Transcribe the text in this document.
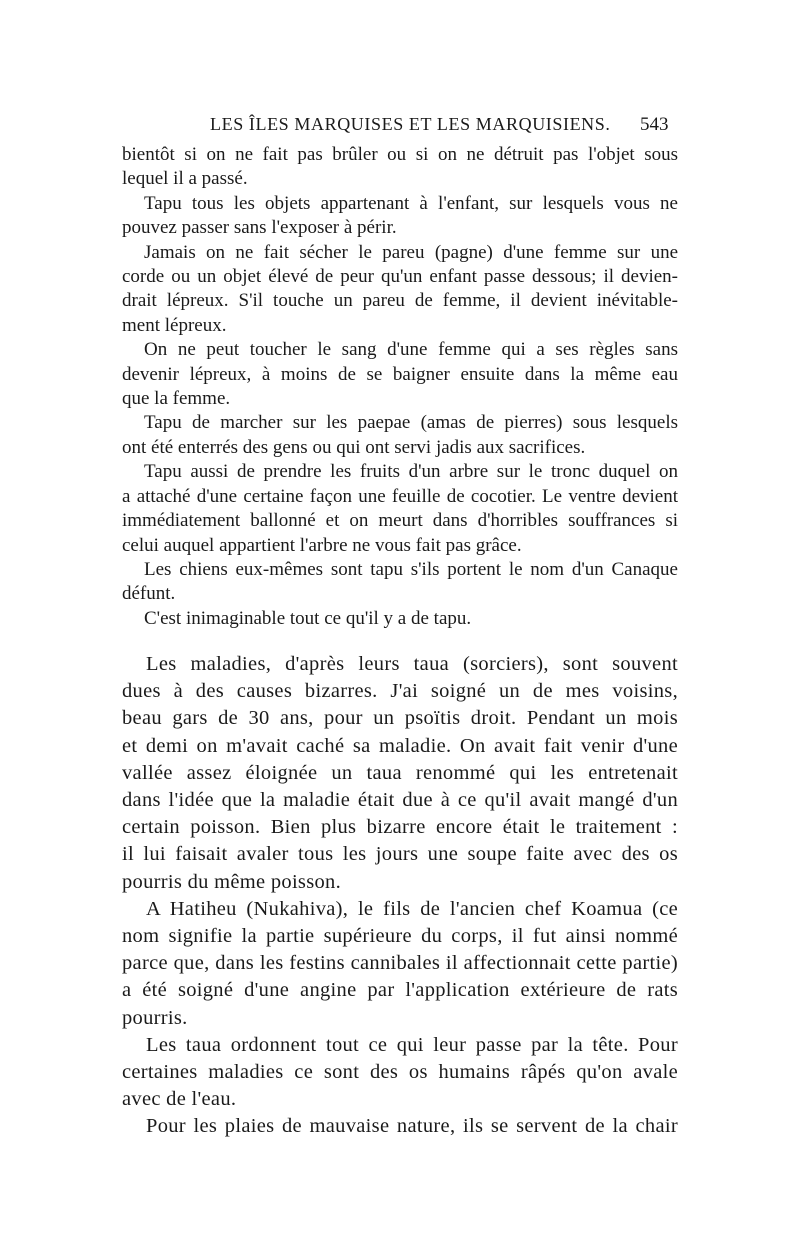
LES ÎLES MARQUISES ET LES MARQUISIENS. 543
bientôt si on ne fait pas brûler ou si on ne détruit pas l'objet sous
lequel il a passé.
Tapu tous les objets appartenant à l'enfant, sur lesquels vous ne
pouvez passer sans l'exposer à périr.
Jamais on ne fait sécher le pareu (pagne) d'une femme sur une
corde ou un objet élevé de peur qu'un enfant passe dessous; il devien-
drait lépreux. S'il touche un pareu de femme, il devient inévitable-
ment lépreux.
On ne peut toucher le sang d'une femme qui a ses règles sans
devenir lépreux, à moins de se baigner ensuite dans la même eau
que la femme.
Tapu de marcher sur les paepae (amas de pierres) sous lesquels
ont été enterrés des gens ou qui ont servi jadis aux sacrifices.
Tapu aussi de prendre les fruits d'un arbre sur le tronc duquel on
a attaché d'une certaine façon une feuille de cocotier. Le ventre devient
immédiatement ballonné et on meurt dans d'horribles souffrances si
celui auquel appartient l'arbre ne vous fait pas grâce.
Les chiens eux-mêmes sont tapu s'ils portent le nom d'un Canaque
défunt.
C'est inimaginable tout ce qu'il y a de tapu.
Les maladies, d'après leurs taua (sorciers), sont souvent
dues à des causes bizarres. J'ai soigné un de mes voisins,
beau gars de 30 ans, pour un psoïtis droit. Pendant un mois
et demi on m'avait caché sa maladie. On avait fait venir d'une
vallée assez éloignée un taua renommé qui les entretenait
dans l'idée que la maladie était due à ce qu'il avait mangé d'un
certain poisson. Bien plus bizarre encore était le traitement :
il lui faisait avaler tous les jours une soupe faite avec des os
pourris du même poisson.
A Hatiheu (Nukahiva), le fils de l'ancien chef Koamua (ce
nom signifie la partie supérieure du corps, il fut ainsi nommé
parce que, dans les festins cannibales il affectionnait cette partie)
a été soigné d'une angine par l'application extérieure de rats
pourris.
Les taua ordonnent tout ce qui leur passe par la tête. Pour
certaines maladies ce sont des os humains râpés qu'on avale
avec de l'eau.
Pour les plaies de mauvaise nature, ils se servent de la chair
